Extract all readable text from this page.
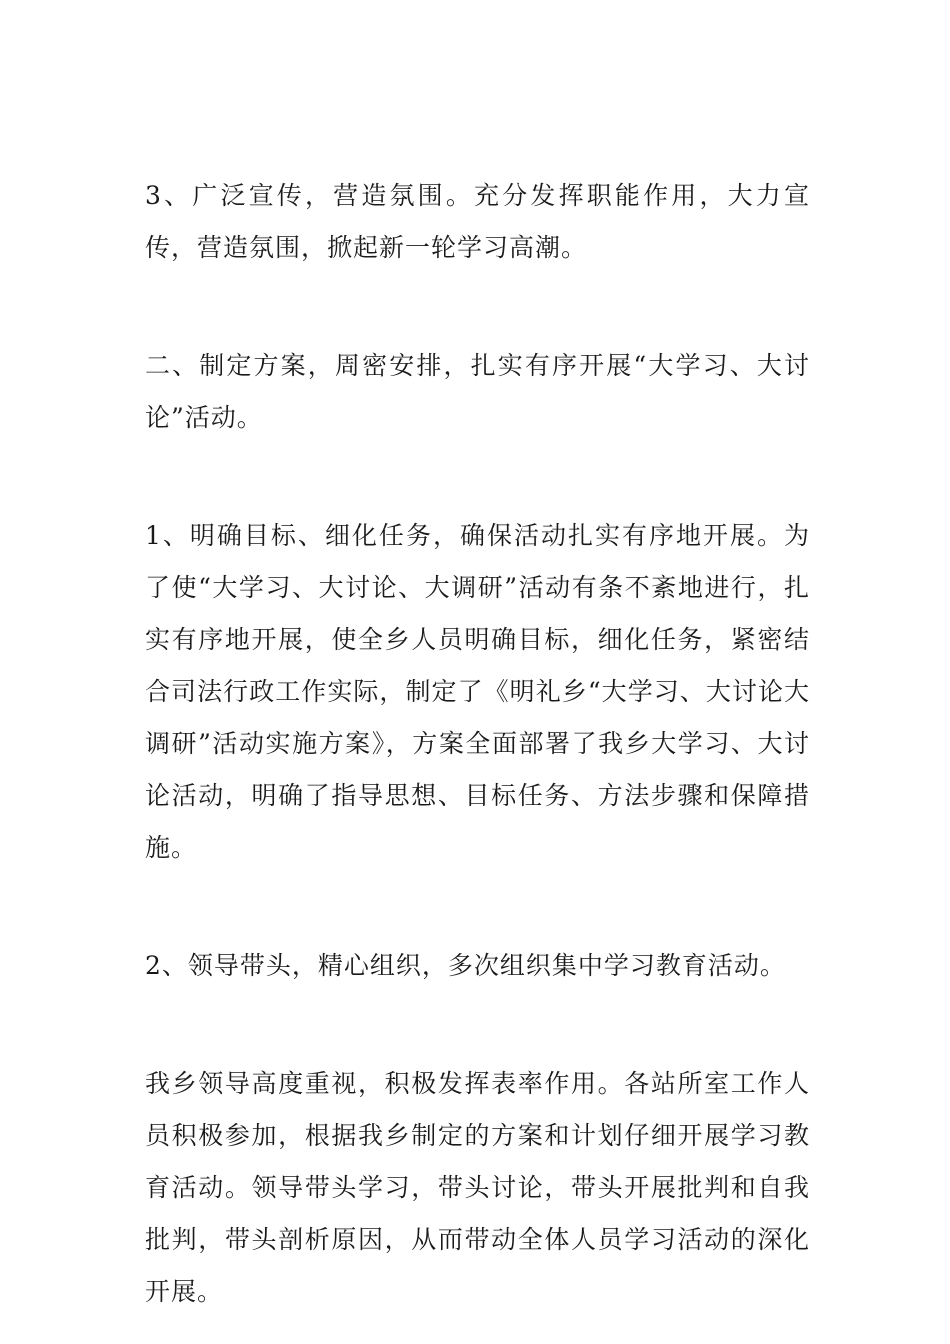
3、广泛宣传，营造氛围。充分发挥职能作用，大力宣传，营造氛围，掀起新一轮学习高潮。

二、制定方案，周密安排，扎实有序开展“大学习、大讨论”活动。

1、明确目标、细化任务，确保活动扎实有序地开展。为了使“大学习、大讨论、大调研”活动有条不紊地进行，扎实有序地开展，使全乡人员明确目标，细化任务，紧密结合司法行政工作实际，制定了《明礼乡“大学习、大讨论大调研”活动实施方案》，方案全面部署了我乡大学习、大讨论活动，明确了指导思想、目标任务、方法步骤和保障措施。

2、领导带头，精心组织，多次组织集中学习教育活动。

我乡领导高度重视，积极发挥表率作用。各站所室工作人员积极参加，根据我乡制定的方案和计划仔细开展学习教育活动。领导带头学习，带头讨论，带头开展批判和自我批判，带头剖析原因，从而带动全体人员学习活动的深化开展。
